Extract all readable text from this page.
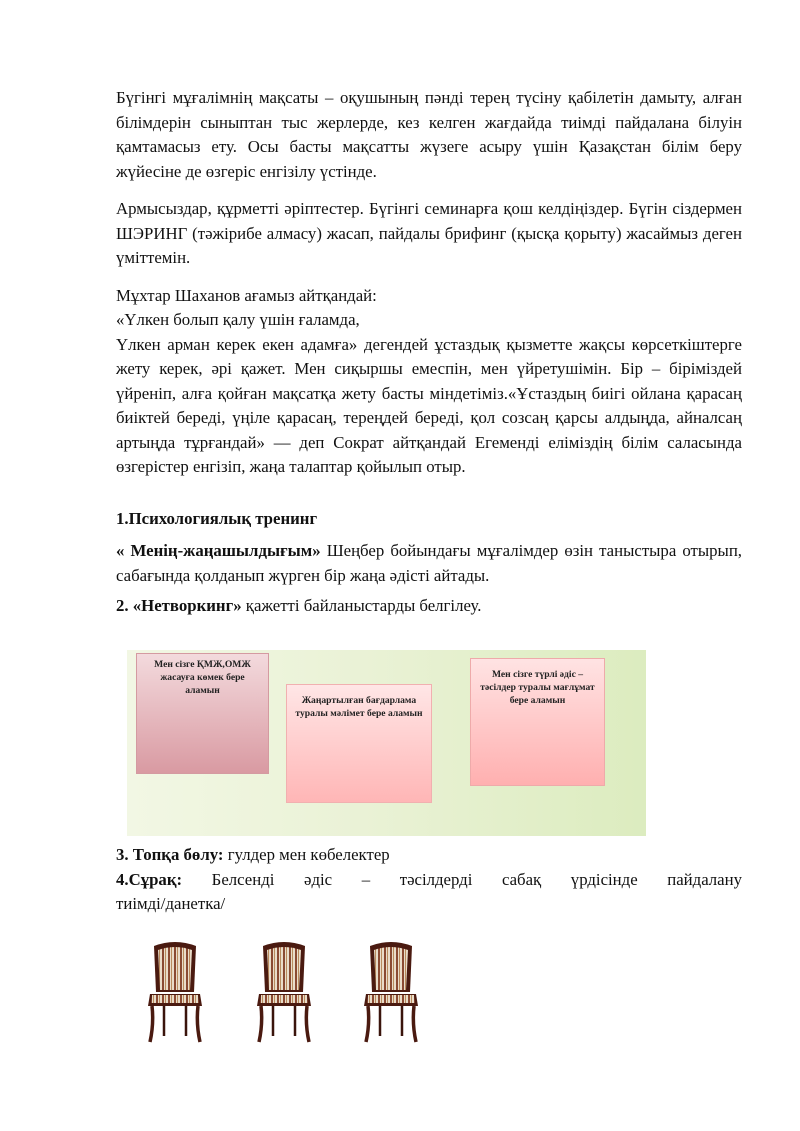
Бүгінгі мұғалімнің мақсаты – оқушының пәнді терең түсіну қабілетін дамыту, алған білімдерін сыныптан тыс жерлерде, кез келген жағдайда тиімді пайдалана білуін қамтамасыз ету. Осы басты мақсатты жүзеге асыру үшін Қазақстан білім беру жүйесіне де өзгеріс енгізілу үстінде.

Армысыздар, құрметті әріптестер. Бүгінгі семинарға қош келдіңіздер. Бүгін сіздермен ШЭРИНГ (тәжірибе алмасу) жасап, пайдалы брифинг (қысқа қорыту) жасаймыз деген үміттемін.

Мұхтар Шаханов ағамыз айтқандай:

«Үлкен болып қалу үшін ғаламда,

Үлкен арман керек екен адамға» дегендей ұстаздық қызметте жақсы көрсеткіштерге жету керек, әрі қажет. Мен сиқыршы емеспін, мен үйретушімін. Бір – біріміздей үйреніп, алға қойған мақсатқа жету басты міндетіміз.«Ұстаздың биігі ойлана қарасаң биіктей береді, үңіле қарасаң, тереңдей береді, қол созсаң қарсы алдыңда, айналсаң артыңда тұрғандай» — деп Сократ айтқандай Егеменді еліміздің білім саласында өзгерістер енгізіп, жаңа талаптар қойылып отыр.

1.Психологиялық тренинг

« Менің-жаңашылдығым» Шеңбер бойындағы мұғалімдер өзін таныстыра отырып, сабағында қолданып жүрген бір жаңа әдісті айтады.

2. «Нетворкинг» қажетті байланыстарды белгілеу.

Мен сізге ҚМЖ,ОМЖ жасауға көмек бере аламын
Жаңартылған бағдарлама туралы мәлімет бере аламын
Мен сізге түрлі әдіс – тәсілдер туралы мағлұмат бере аламын

3. Топқа бөлу: гулдер мен көбелектер

4.Сұрақ: Белсенді әдіс – тәсілдерді сабақ үрдісінде пайдалану

тиімді/данетка/
